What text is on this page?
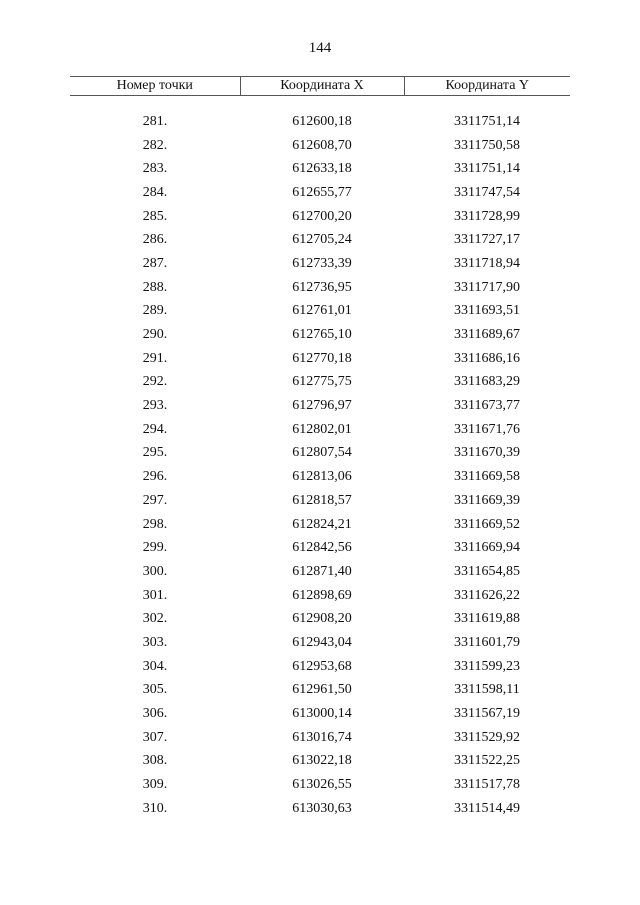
144
Номер точки	Координата X	Координата Y

281.	612600,18	3311751,14
282.	612608,70	3311750,58
283.	612633,18	3311751,14
284.	612655,77	3311747,54
285.	612700,20	3311728,99
286.	612705,24	3311727,17
287.	612733,39	3311718,94
288.	612736,95	3311717,90
289.	612761,01	3311693,51
290.	612765,10	3311689,67
291.	612770,18	3311686,16
292.	612775,75	3311683,29
293.	612796,97	3311673,77
294.	612802,01	3311671,76
295.	612807,54	3311670,39
296.	612813,06	3311669,58
297.	612818,57	3311669,39
298.	612824,21	3311669,52
299.	612842,56	3311669,94
300.	612871,40	3311654,85
301.	612898,69	3311626,22
302.	612908,20	3311619,88
303.	612943,04	3311601,79
304.	612953,68	3311599,23
305.	612961,50	3311598,11
306.	613000,14	3311567,19
307.	613016,74	3311529,92
308.	613022,18	3311522,25
309.	613026,55	3311517,78
310.	613030,63	3311514,49
